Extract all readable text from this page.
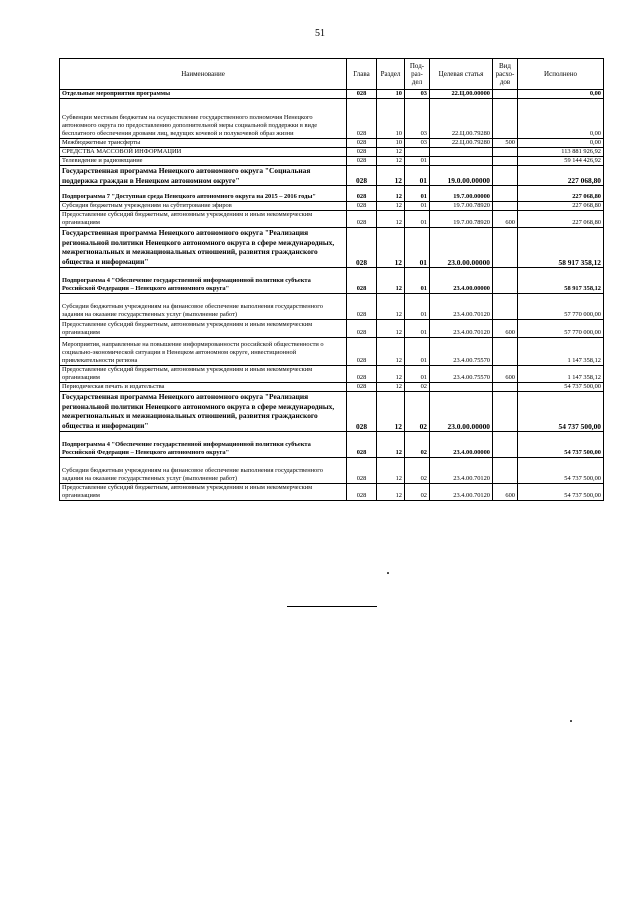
51
Наименование	Глава	Раздел	Под-
раз-
дел	Целевая статья	Вид
расхо-
дов	Исполнено
Отдельные мероприятия программы	028	10	03	22.Ц.00.00000		0,00
Субвенции местным бюджетам на осуществление государственного полномочия Ненецкого автономного округа по предоставлению дополнительной меры социальной поддержки в виде бесплатного обеспечения дровами лиц, ведущих кочевой и полукочевой образ жизни	028	10	03	22.Ц.00.79280		0,00
Межбюджетные трансферты	028	10	03	22.Ц.00.79280	500	0,00
СРЕДСТВА МАССОВОЙ ИНФОРМАЦИИ	028	12				113 881 926,92
Телевидение и радиовещание	028	12	01			59 144 426,92
Государственная программа Ненецкого автономного округа "Социальная поддержка граждан в Ненецком автономном округе"	028	12	01	19.0.00.00000		227 068,80
Подпрограмма 7 "Доступная среда Ненецкого автономного округа на 2015 – 2016 годы"	028	12	01	19.7.00.00000		227 068,80
Субсидия бюджетным учреждениям на субтитрование эфиров	028	12	01	19.7.00.78920		227 068,80
Предоставление субсидий бюджетным, автономным учреждениям и иным некоммерческим организациям	028	12	01	19.7.00.78920	600	227 068,80
Государственная программа Ненецкого автономного округа "Реализация региональной политики Ненецкого автономного округа в сфере международных, межрегиональных и межнациональных отношений, развития гражданского общества и информации"	028	12	01	23.0.00.00000		58 917 358,12
Подпрограмма 4 "Обеспечение государственной информационной политики субъекта Российской Федерации – Ненецкого автономного округа"	028	12	01	23.4.00.00000		58 917 358,12
Субсидии бюджетным учреждениям на финансовое обеспечение выполнения государственного задания на оказание государственных услуг (выполнение работ)	028	12	01	23.4.00.70120		57 770 000,00
Предоставление субсидий бюджетным, автономным учреждениям и иным некоммерческим организациям	028	12	01	23.4.00.70120	600	57 770 000,00
Мероприятия, направленные на повышение информированности российской общественности о социально-экономической ситуации в Ненецком автономном округе, инвестиционной привлекательности региона	028	12	01	23.4.00.75570		1 147 358,12
Предоставление субсидий бюджетным, автономным учреждениям и иным некоммерческим организациям	028	12	01	23.4.00.75570	600	1 147 358,12
Периодическая печать и издательства	028	12	02			54 737 500,00
Государственная программа Ненецкого автономного округа "Реализация региональной политики Ненецкого автономного округа в сфере международных, межрегиональных и межнациональных отношений, развития гражданского общества и информации"	028	12	02	23.0.00.00000		54 737 500,00
Подпрограмма 4 "Обеспечение государственной информационной политики субъекта Российской Федерации – Ненецкого автономного округа"	028	12	02	23.4.00.00000		54 737 500,00
Субсидии бюджетным учреждениям на финансовое обеспечение выполнения государственного задания на оказание государственных услуг (выполнение работ)	028	12	02	23.4.00.70120		54 737 500,00
Предоставление субсидий бюджетным, автономным учреждениям и иным некоммерческим организациям	028	12	02	23.4.00.70120	600	54 737 500,00
